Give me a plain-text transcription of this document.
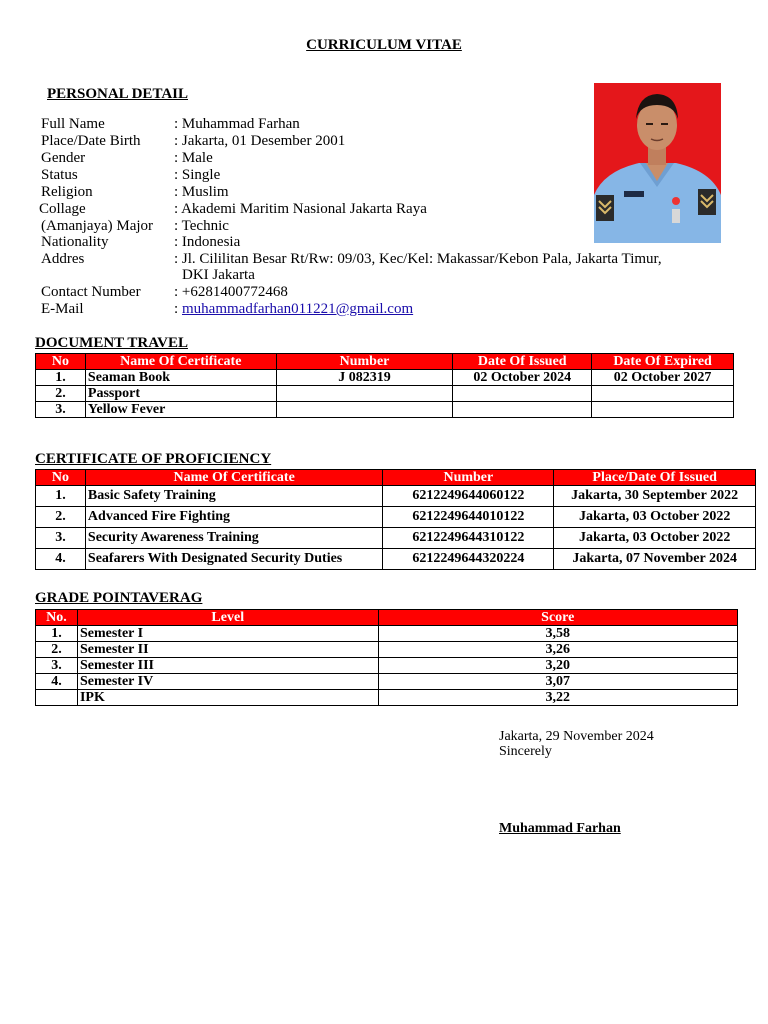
CURRICULUM VITAE
PERSONAL DETAIL
Full Name	: Muhammad Farhan
Place/Date Birth : Jakarta, 01 Desember 2001
Gender	: Male
Status	: Single
Religion	: Muslim
Collage	: Akademi Maritim Nasional Jakarta Raya
(Amanjaya) Major : Technic
Nationality	: Indonesia
Addres	: Jl. Cililitan Besar Rt/Rw: 09/03, Kec/Kel: Makassar/Kebon Pala, Jakarta Timur,
DKI Jakarta
Contact Number : +6281400772468
E-Mail	: muhammadfarhan011221@gmail.com
DOCUMENT TRAVEL
No	Name Of Certificate	Number	Date Of Issued	Date Of Expired
1.	Seaman Book	J 082319	02 October 2024	02 October 2027
2.	Passport			
3.	Yellow Fever			
CERTIFICATE OF PROFICIENCY
No	Name Of Certificate	Number	Place/Date Of Issued
1.	Basic Safety Training	6212249644060122	Jakarta, 30 September 2022
2.	Advanced Fire Fighting	6212249644010122	Jakarta, 03 October 2022
3.	Security Awareness Training	6212249644310122	Jakarta, 03 October 2022
4.	Seafarers With Designated Security Duties	6212249644320224	Jakarta, 07 November 2024
GRADE POINTAVERAG
No.	Level	Score
1.	Semester I	3,58
2.	Semester II	3,26
3.	Semester III	3,20
4.	Semester IV	3,07
	IPK	3,22
Jakarta, 29 November 2024
Sincerely
Muhammad Farhan
